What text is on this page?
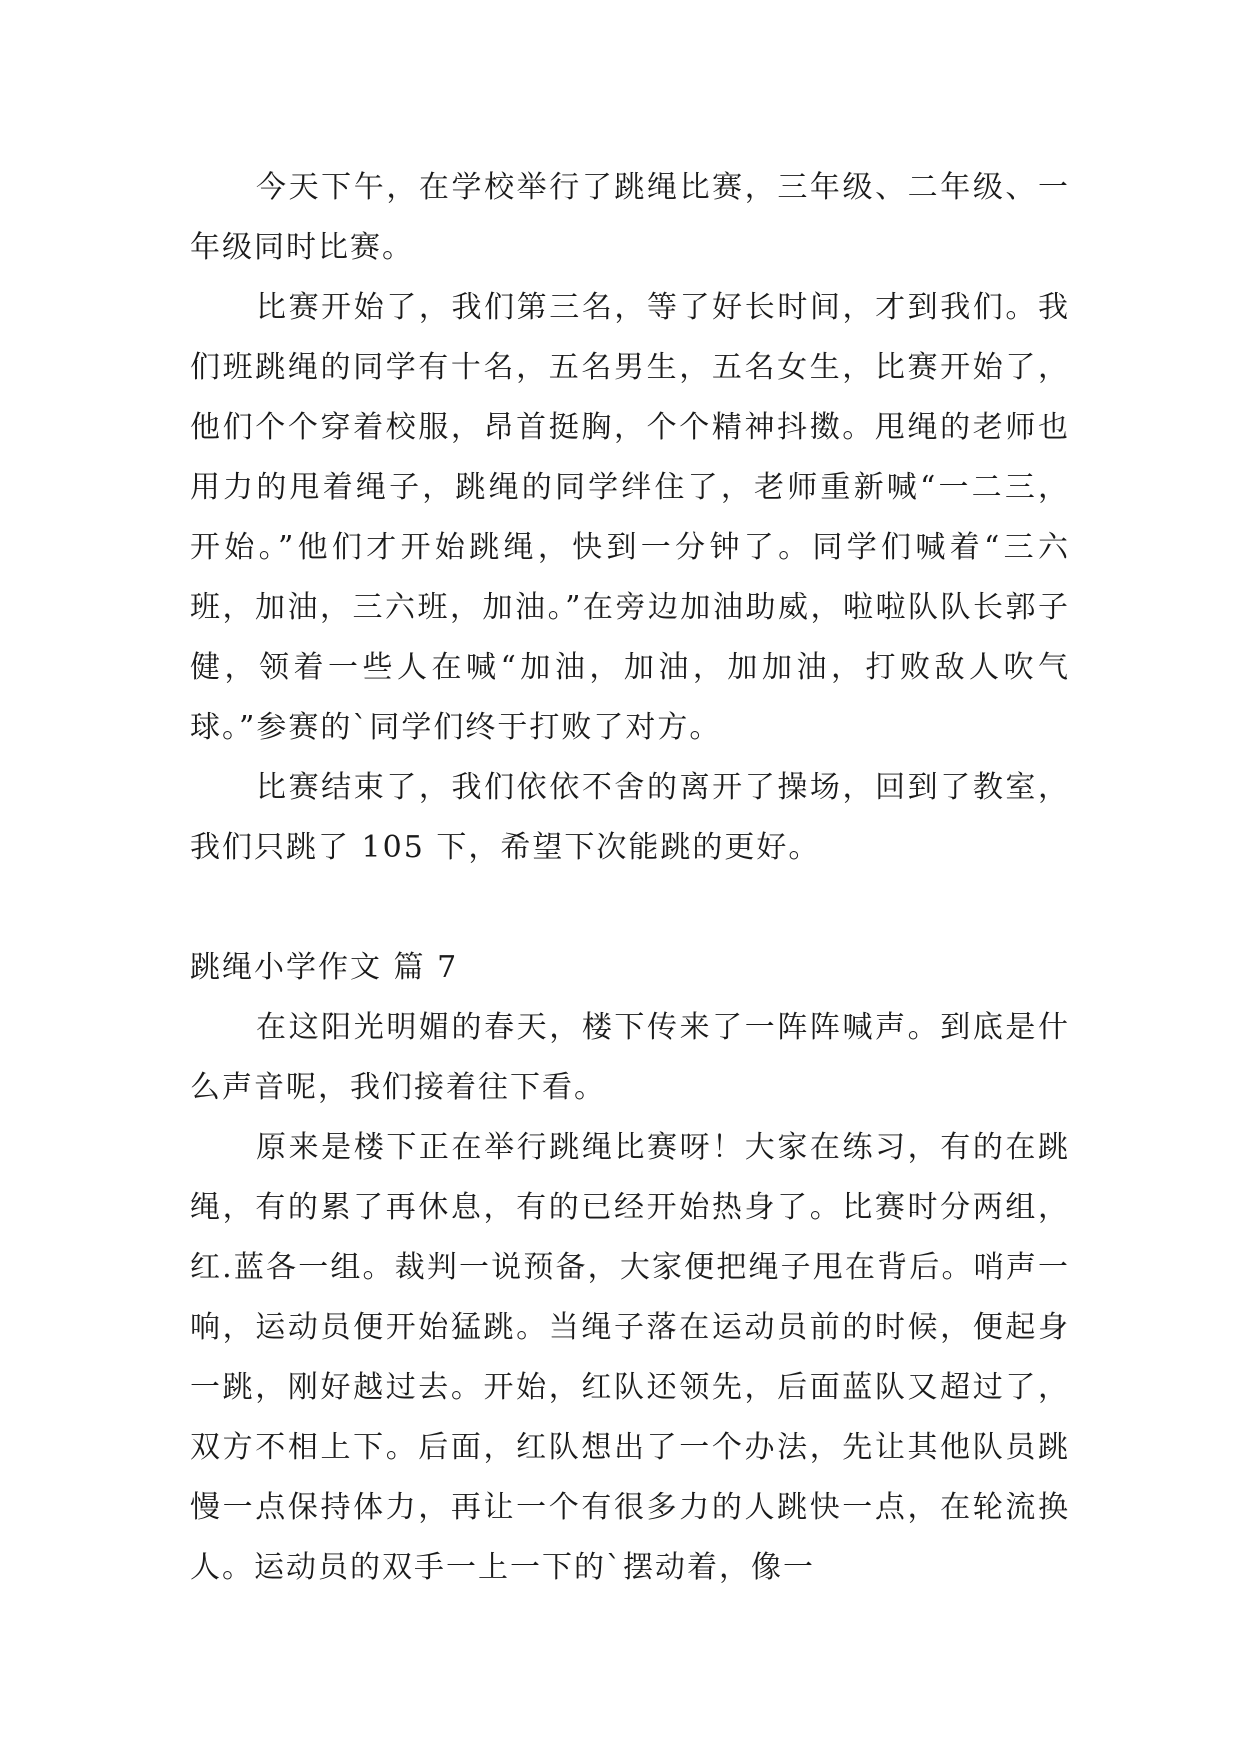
今天下午，在学校举行了跳绳比赛，三年级、二年级、一年级同时比赛。

比赛开始了，我们第三名，等了好长时间，才到我们。我们班跳绳的同学有十名，五名男生，五名女生，比赛开始了，他们个个穿着校服，昂首挺胸，个个精神抖擞。甩绳的老师也用力的甩着绳子，跳绳的同学绊住了，老师重新喊“一二三，开始。”他们才开始跳绳，快到一分钟了。同学们喊着“三六班，加油，三六班，加油。”在旁边加油助威，啦啦队队长郭子健，领着一些人在喊“加油，加油，加加油，打败敌人吹气球。”参赛的`同学们终于打败了对方。

比赛结束了，我们依依不舍的离开了操场，回到了教室，我们只跳了 105 下，希望下次能跳的更好。

跳绳小学作文 篇 7

在这阳光明媚的春天，楼下传来了一阵阵喊声。到底是什么声音呢，我们接着往下看。

原来是楼下正在举行跳绳比赛呀！大家在练习，有的在跳绳，有的累了再休息，有的已经开始热身了。比赛时分两组，红.蓝各一组。裁判一说预备，大家便把绳子甩在背后。哨声一响，运动员便开始猛跳。当绳子落在运动员前的时候，便起身一跳，刚好越过去。开始，红队还领先，后面蓝队又超过了，双方不相上下。后面，红队想出了一个办法，先让其他队员跳慢一点保持体力，再让一个有很多力的人跳快一点，在轮流换人。运动员的双手一上一下的`摆动着，像一
